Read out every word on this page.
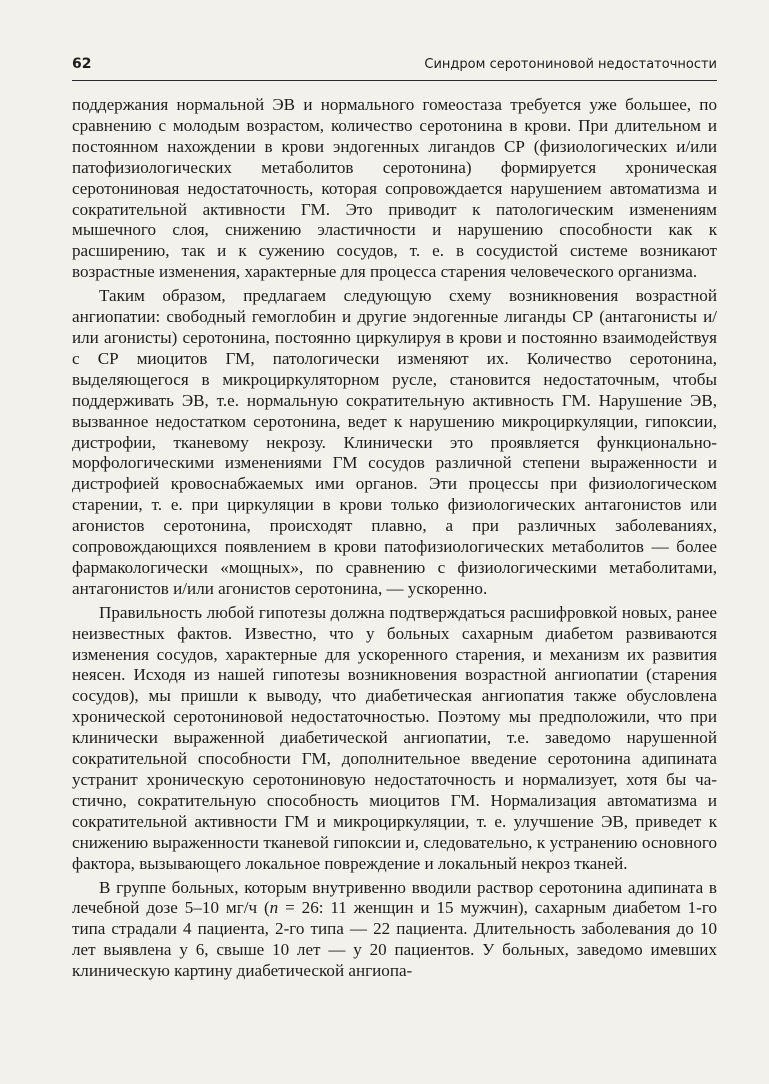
62	Синдром серотониновой недостаточности

поддержания нормальной ЭВ и нормального гомеостаза требуется уже большее, по сравнению с молодым возрастом, количество серотонина в крови. При длительном и постоянном нахождении в крови эндогенных лигандов СР (физиологических и/или патофизиологических метаболитов серотонина) формируется хроническая серотониновая недостаточность, которая сопровождается нарушением автоматизма и сократительной активности ГМ. Это приводит к патологическим изменениям мышечного слоя, снижению эластичности и нарушению способности как к расширению, так и к сужению сосудов, т. е. в сосудистой системе возникают возрастные изменения, характерные для процесса старения человеческого организма.

Таким образом, предлагаем следующую схему возникновения возрастной ангиопатии: свободный гемоглобин и другие эндогенные лиганды СР (антагонисты и/или агонисты) серотонина, постоянно циркулируя в крови и постоянно взаимодействуя с СР миоцитов ГМ, патологически изменяют их. Количество серотонина, выделяющегося в микроциркуляторном русле, становится недостаточным, чтобы поддерживать ЭВ, т.е. нормальную сократительную активность ГМ. Нарушение ЭВ, вызванное недостатком серотонина, ведет к нарушению микроциркуляции, гипоксии, дистрофии, тканевому некрозу. Клинически это проявляется функционально-морфологическими изменениями ГМ сосудов различной степени выраженности и дистрофией кровоснабжаемых ими органов. Эти процессы при физиологическом старении, т. е. при циркуляции в крови только физиологических антагонистов или агонистов серотонина, происходят плавно, а при различных заболеваниях, сопровождающихся появлением в крови патофизиологических метаболитов — более фармакологически «мощных», по сравнению с физиологическими метаболитами, антагонистов и/или агонистов серотонина, — ускоренно.

Правильность любой гипотезы должна подтверждаться расшифровкой новых, ранее неизвестных фактов. Известно, что у больных сахарным диабетом развиваются изменения сосудов, характерные для ускоренного старения, и механизм их развития неясен. Исходя из нашей гипотезы возникновения возрастной ангиопатии (старения сосудов), мы пришли к выводу, что диабетическая ангиопатия также обусловлена хронической серотониновой недостаточностью. Поэтому мы предположили, что при клинически выраженной диабетической ангиопатии, т.е. заведомо нарушенной сократительной способности ГМ, дополнительное введение серотонина адипината устранит хроническую серотониновую недостаточность и нормализует, хотя бы частично, сократительную способность миоцитов ГМ. Нормализация автоматизма и сократительной активности ГМ и микроциркуляции, т. е. улучшение ЭВ, приведет к снижению выраженности тканевой гипоксии и, следовательно, к устранению основного фактора, вызывающего локальное повреждение и локальный некроз тканей.

В группе больных, которым внутривенно вводили раствор серотонина адипината в лечебной дозе 5–10 мг/ч (n = 26: 11 женщин и 15 мужчин), сахарным диабетом 1-го типа страдали 4 пациента, 2-го типа — 22 пациента. Длительность заболевания до 10 лет выявлена у 6, свыше 10 лет — у 20 пациентов. У больных, заведомо имевших клиническую картину диабетической ангиопа-
